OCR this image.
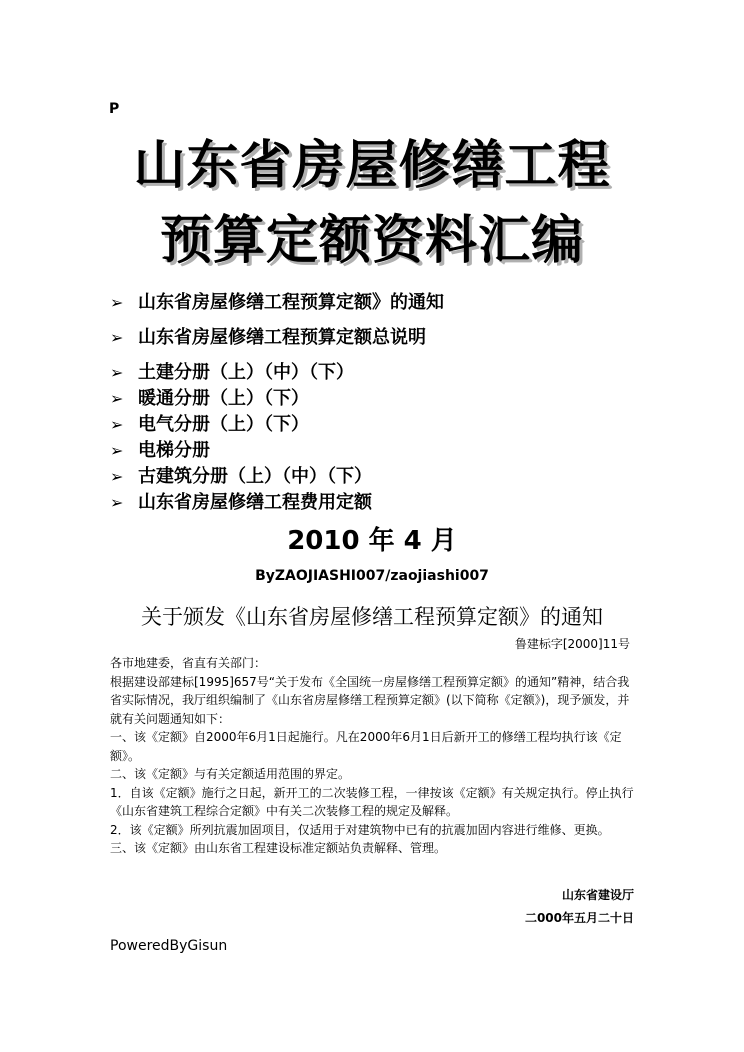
P
山东省房屋修缮工程
预算定额资料汇编
➢ 山东省房屋修缮工程预算定额》的通知
➢ 山东省房屋修缮工程预算定额总说明
➢ 土建分册（上）（中）（下）
➢ 暖通分册（上）（下）
➢ 电气分册（上）（下）
➢ 电梯分册
➢ 古建筑分册（上）（中）（下）
➢ 山东省房屋修缮工程费用定额
2010 年 4 月
ByZAOJIASHI007/zaojiashi007
关于颁发《山东省房屋修缮工程预算定额》的通知
鲁建标字[2000]11号

各市地建委，省直有关部门：

根据建设部建标[1995]657号“关于发布《全国统一房屋修缮工程预算定额》的通知”精神，结合我省实际情况，我厅组织编制了《山东省房屋修缮工程预算定额》(以下简称《定额》)，现予颁发，并就有关问题通知如下：

一、该《定额》自2000年6月1日起施行。凡在2000年6月1日后新开工的修缮工程均执行该《定额》。

二、该《定额》与有关定额适用范围的界定。

1．自该《定额》施行之日起，新开工的二次装修工程，一律按该《定额》有关规定执行。停止执行《山东省建筑工程综合定额》中有关二次装修工程的规定及解释。

2．该《定额》所列抗震加固项目，仅适用于对建筑物中已有的抗震加固内容进行维修、更换。

三、该《定额》由山东省工程建设标准定额站负责解释、管理。

山东省建设厅
二000年五月二十日
PoweredByGisun
